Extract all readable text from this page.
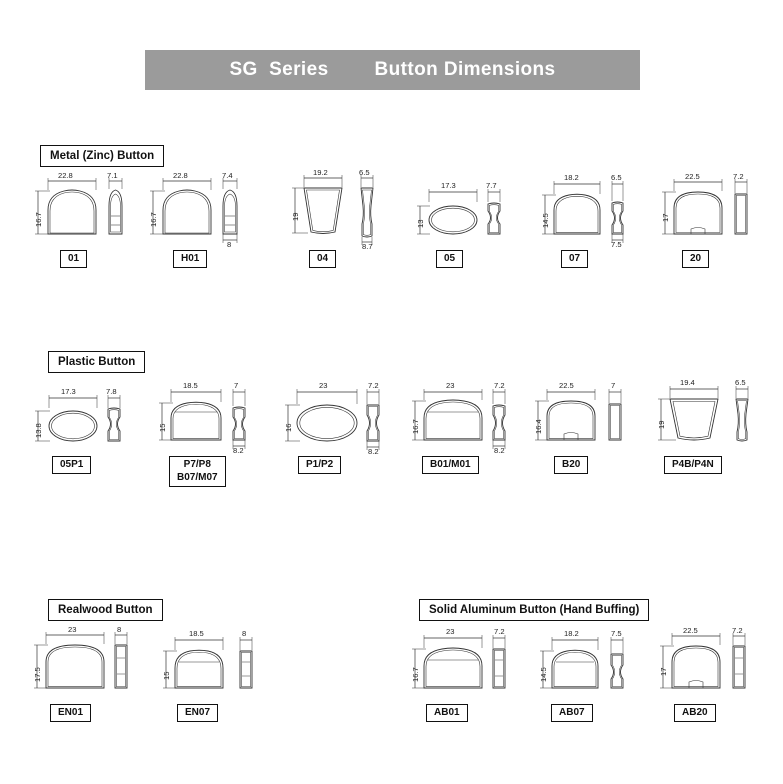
SG  Series Button Dimensions
Metal (Zinc) Button
Plastic Button
Realwood Button	Solid Aluminum Button (Hand Buffing)
22.8	7.1
16.7
01
22.8	7.4
16.7
8
H01
19.2	6.5
19
8.7
04
17.3	7.7
13
05
18.2	6.5
14.5
7.5
07
22.5	7.2
17
20
17.3	7.8
13.8
05P1
18.5	7
15
8.2
P7/P8
B07/M07
23	7.2
16
8.2
P1/P2
23	7.2
16.7
8.2
B01/M01
22.5	7
16.4
B20
19.4	6.5
19
P4B/P4N
23	8
17.5
EN01
18.5	8
15
EN07
23	7.2
16.7
AB01
18.2	7.5
14.5
AB07
22.5	7.2
17
AB20
